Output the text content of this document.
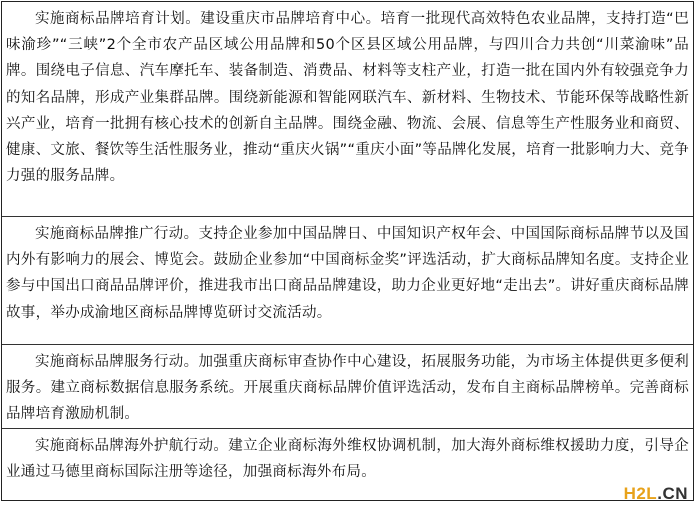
实施商标品牌培育计划。建设重庆市品牌培育中心。培育一批现代高效特色农业品牌，支持打造“巴味渝珍”“三峡”2个全市农产品区域公用品牌和50个区县区域公用品牌，与四川合力共创“川菜渝味”品牌。围绕电子信息、汽车摩托车、装备制造、消费品、材料等支柱产业，打造一批在国内外有较强竞争力的知名品牌，形成产业集群品牌。围绕新能源和智能网联汽车、新材料、生物技术、节能环保等战略性新兴产业，培育一批拥有核心技术的创新自主品牌。围绕金融、物流、会展、信息等生产性服务业和商贸、健康、文旅、餐饮等生活性服务业，推动“重庆火锅”“重庆小面”等品牌化发展，培育一批影响力大、竞争力强的服务品牌。

实施商标品牌推广行动。支持企业参加中国品牌日、中国知识产权年会、中国国际商标品牌节以及国内外有影响力的展会、博览会。鼓励企业参加“中国商标金奖”评选活动，扩大商标品牌知名度。支持企业参与中国出口商品品牌评价，推进我市出口商品品牌建设，助力企业更好地“走出去”。讲好重庆商标品牌故事，举办成渝地区商标品牌博览研讨交流活动。

实施商标品牌服务行动。加强重庆商标审查协作中心建设，拓展服务功能，为市场主体提供更多便利服务。建立商标数据信息服务系统。开展重庆商标品牌价值评选活动，发布自主商标品牌榜单。完善商标品牌培育激励机制。

实施商标品牌海外护航行动。建立企业商标海外维权协调机制，加大海外商标维权援助力度，引导企业通过马德里商标国际注册等途径，加强商标海外布局。

H2L.CN
